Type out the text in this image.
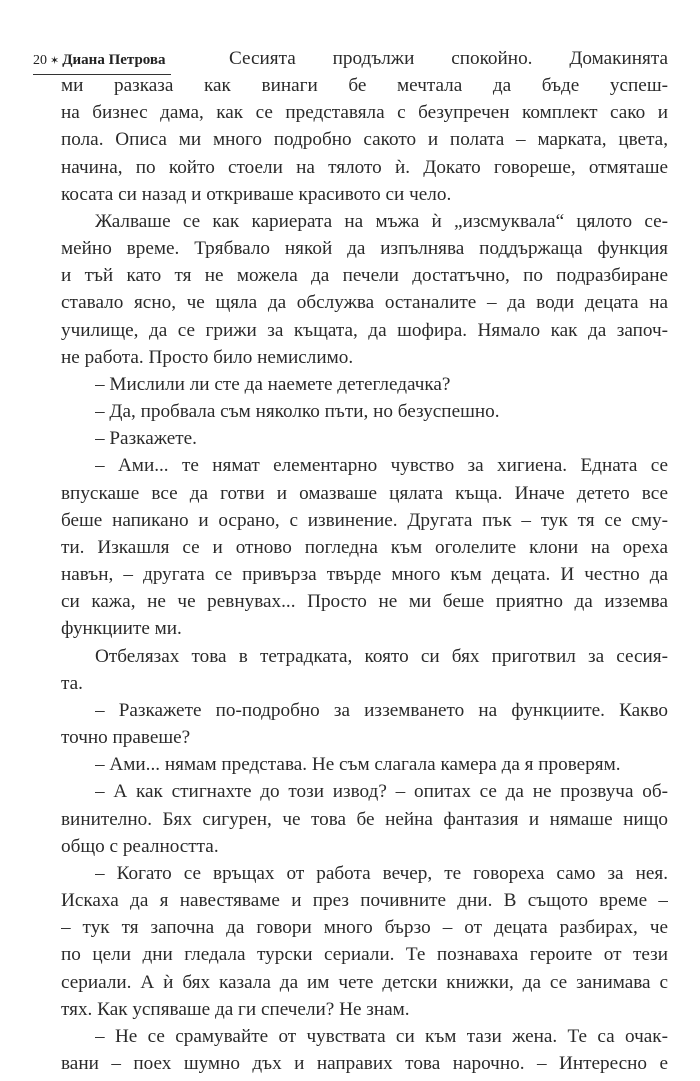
20 ✶ Диана Петрова	Сесията продължи спокойно. Домакинята
ми разказа как винаги бе мечтала да бъде успеш-
на бизнес дама, как се представяла с безупречен комплект сако и
пола. Описа ми много подробно сакото и полата – марката, цвета,
начина, по който стоели на тялото ѝ. Докато говореше, отмяташе
косата си назад и откриваше красивото си чело.
Жалваше се как кариерата на мъжа ѝ „изсмуквала“ цялото се-
мейно време. Трябвало някой да изпълнява поддържаща функция
и тъй като тя не можела да печели достатъчно, по подразбиране
ставало ясно, че щяла да обслужва останалите – да води децата на
училище, да се грижи за къщата, да шофира. Нямало как да започ-
не работа. Просто било немислимо.
– Мислили ли сте да наемете детегледачка?
– Да, пробвала съм няколко пъти, но безуспешно.
– Разкажете.
– Ами... те нямат елементарно чувство за хигиена. Едната се
впускаше все да готви и омазваше цялата къща. Иначе детето все
беше напикано и осрано, с извинение. Другата пък – тук тя се сму-
ти. Изкашля се и отново погледна към оголелите клони на ореха
навън, – другата се привърза твърде много към децата. И честно да
си кажа, не че ревнувах... Просто не ми беше приятно да изземва
функциите ми.
Отбелязах това в тетрадката, която си бях приготвил за сесия-
та.
– Разкажете по-подробно за изземването на функциите. Какво
точно правеше?
– Ами... нямам представа. Не съм слагала камера да я проверям.
– А как стигнахте до този извод? – опитах се да не прозвуча об-
винително. Бях сигурен, че това бе нейна фантазия и нямаше нищо
общо с реалността.
– Когато се връщах от работа вечер, те говореха само за нея.
Искаха да я навестяваме и през почивните дни. В същото време –
– тук тя започна да говори много бързо – от децата разбирах, че
по цели дни гледала турски сериали. Те познаваха героите от тези
сериали. А ѝ бях казала да им чете детски книжки, да се занимава с
тях. Как успяваше да ги спечели? Не знам.
– Не се срамувайте от чувствата си към тази жена. Те са очак-
вани – поех шумно дъх и направих това нарочно. – Интересно е
